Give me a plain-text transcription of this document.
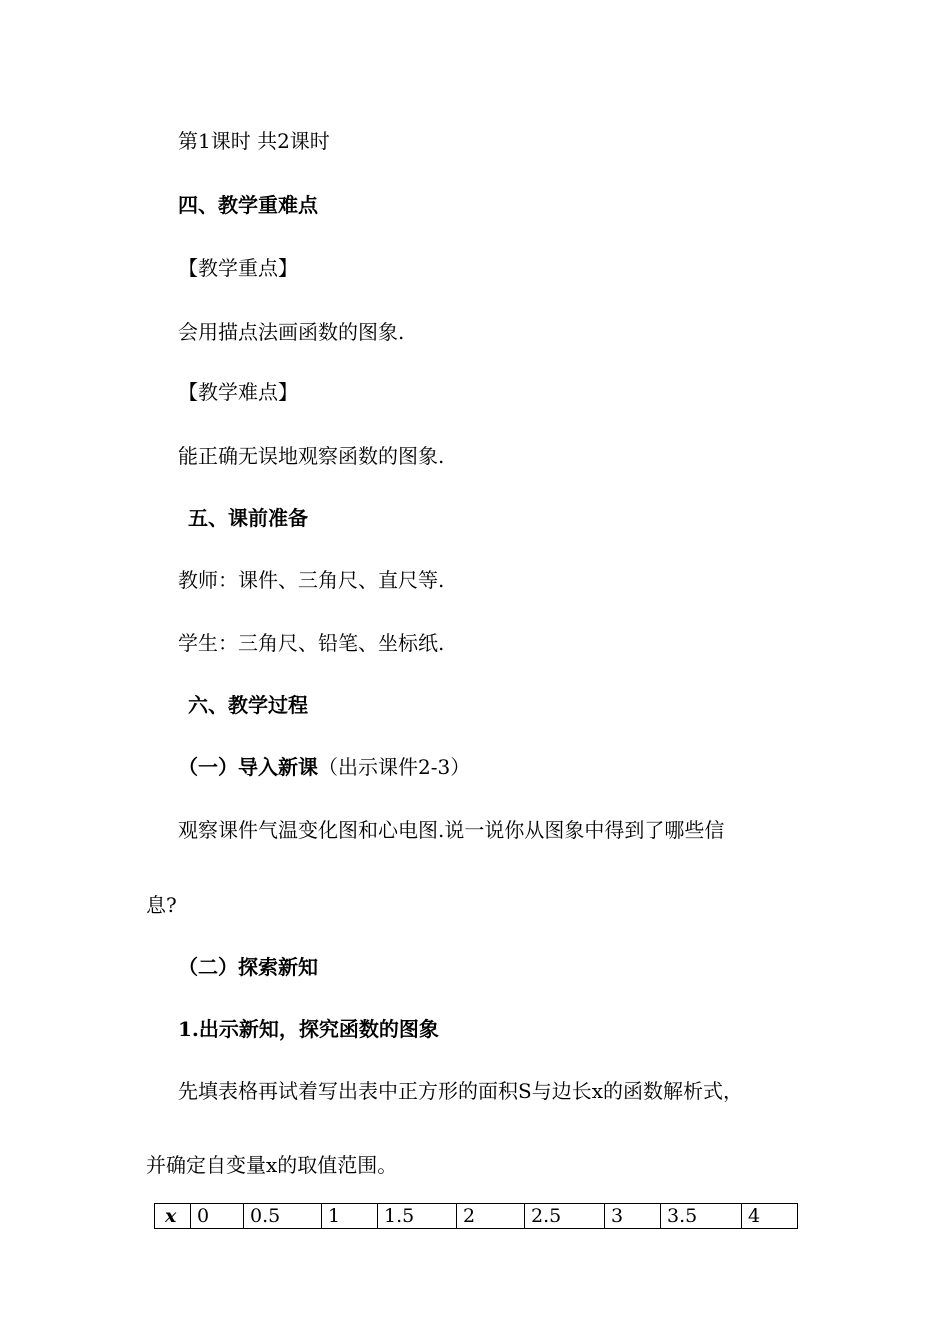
第1课时 共2课时
四、教学重难点
【教学重点】
会用描点法画函数的图象.
【教学难点】
能正确无误地观察函数的图象.
五、课前准备
教师：课件、三角尺、直尺等.
学生：三角尺、铅笔、坐标纸.
六、教学过程
（一）导入新课（出示课件2-3）
观察课件气温变化图和心电图.说一说你从图象中得到了哪些信
息?
（二）探索新知
1.出示新知，探究函数的图象
先填表格再试着写出表中正方形的面积S与边长x的函数解析式，
并确定自变量x的取值范围。
x	0	0.5	1	1.5	2	2.5	3	3.5	4
